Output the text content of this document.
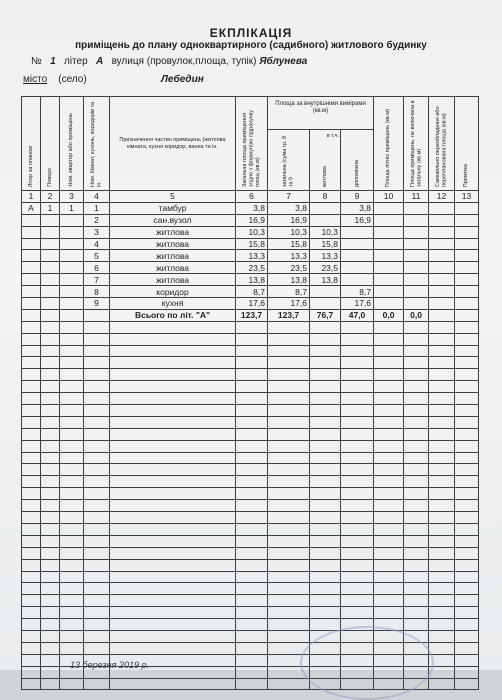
ЕКПЛІКАЦІЯ
приміщень до плану одноквартирного (садибного) житлового будинку
№ 1 літер А вулиця (провулок,площа, тупік) Яблунева
місто (село)	Лебедин
Літер за планом	Поверх	Ном. квартир або приміщень	Ном. Кімнат, кухонь, коридорів та ін.	Призначення частин приміщень (житлова кімната, кухня коридор, ванна та ін.	Загальна площа приміщення згідно з формулою підрахунку площ (кв.м)	Площа за внутрішніми вимірами (кв.м)			Площа літніх приміщень (кв.м)	Площа приміщень, не включена в загальну (кв.м)	Самовільно переобладнані або перепланована площа (кв.м)	Примітка

						загальна (сума гр. 8 та 9	в т.ч.
житлова	допоміжна				

1	2	3	4	5	6	7	8	9	10	11	12	13
А	1	1	1	тамбур	3,8	3,8		3,8				
			2	сан.вузол	16,9	16,9		16,9				
			3	житлова	10,3	10,3	10,3					
			4	житлова	15,8	15,8	15,8					
			5	житлова	13,3	13,3	13,3					
			6	житлова	23,5	23,5	23,5					
			7	житлова	13,8	13,8	13,8					
			8	коридор	8,7	8,7		8,7				
			9	кухня	17,6	17,6		17,6				
				Всього по літ. "А"	123,7	123,7	76,7	47,0	0,0	0,0		

13 березня 2019 р.
